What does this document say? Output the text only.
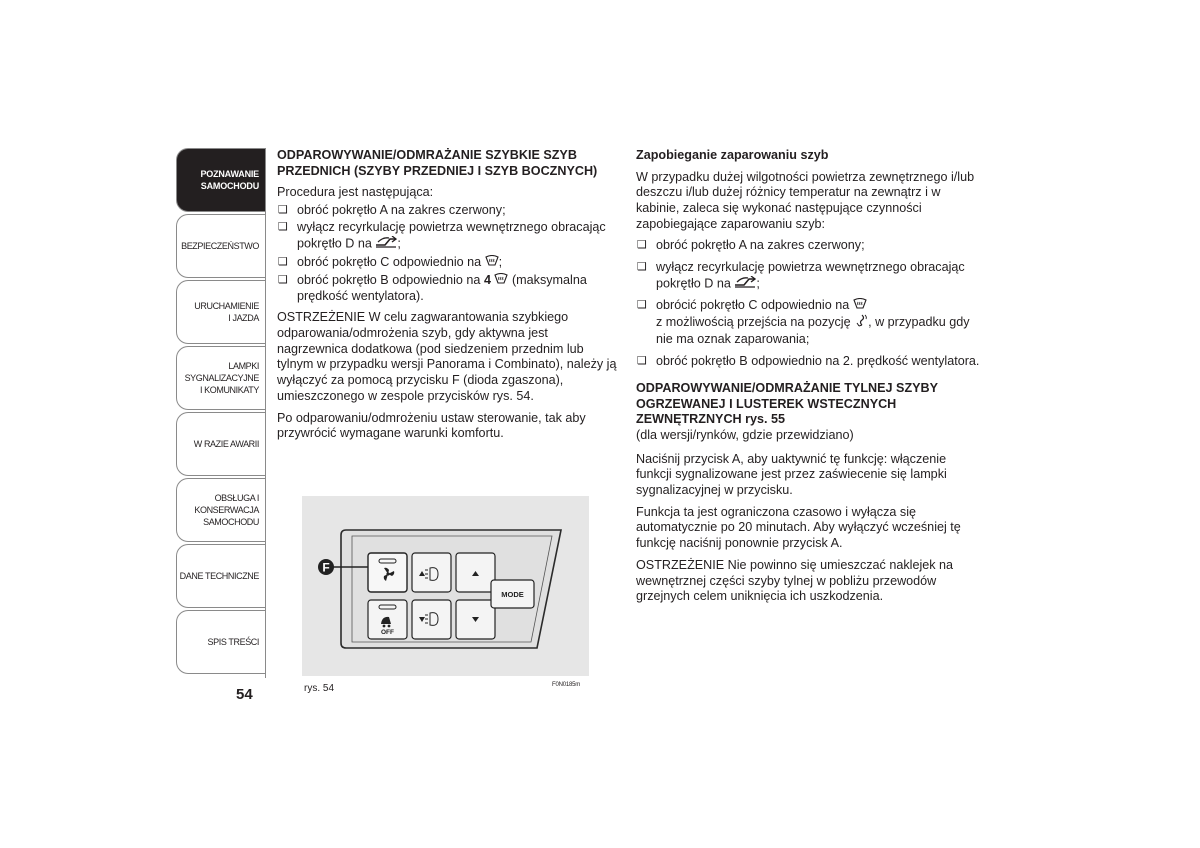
POZNAWANIE
SAMOCHODU
BEZPIECZEŃSTWO
URUCHAMIENIE
I JAZDA
LAMPKI
SYGNALIZACYJNE
I KOMUNIKATY
W RAZIE AWARII
OBSŁUGA I
KONSERWACJA
SAMOCHODU
DANE TECHNICZNE
SPIS TREŚCI
54
ODPAROWYWANIE/ODMRAŻANIE SZYBKIE SZYB PRZEDNICH (SZYBY PRZEDNIEJ I SZYB BOCZNYCH)

Procedura jest następująca:

❑ obróć pokrętło A na zakres czerwony;
❑ wyłącz recyrkulację powietrza wewnętrznego obracając pokrętło D na ;
❑ obróć pokrętło C odpowiednio na ;
❑ obróć pokrętło B odpowiednio na 4 (maksymalna prędkość wentylatora).

OSTRZEŻENIE W celu zagwarantowania szybkiego odparowania/odmrożenia szyb, gdy aktywna jest nagrzewnica dodatkowa (pod siedzeniem przednim lub tylnym w przypadku wersji Panorama i Combinato), należy ją wyłączyć za pomocą przycisku F (dioda zgaszona), umieszczonego w zespole przycisków rys. 54.

Po odparowaniu/odmrożeniu ustaw sterowanie, tak aby przywrócić wymagane warunki komfortu.

OFF
MODE
F
rys. 54	F0N0185m
Zapobieganie zaparowaniu szyb

W przypadku dużej wilgotności powietrza zewnętrznego i/lub deszczu i/lub dużej różnicy temperatur na zewnątrz i w kabinie, zaleca się wykonać następujące czynności zapobiegające zaparowaniu szyb:

❑ obróć pokrętło A na zakres czerwony;
❑ wyłącz recyrkulację powietrza wewnętrznego obracając pokrętło D na ;
❑ obrócić pokrętło C odpowiednio na
z możliwością przejścia na pozycję , w przypadku gdy nie ma oznak zaparowania;
❑ obróć pokrętło B odpowiednio na 2. prędkość wentylatora.
ODPAROWYWANIE/ODMRAŻANIE TYLNEJ SZYBY OGRZEWANEJ I LUSTEREK WSTECZNYCH ZEWNĘTRZNYCH rys. 55

(dla wersji/rynków, gdzie przewidziano)

Naciśnij przycisk A, aby uaktywnić tę funkcję: włączenie funkcji sygnalizowane jest przez zaświecenie się lampki sygnalizacyjnej w przycisku.

Funkcja ta jest ograniczona czasowo i wyłącza się automatycznie po 20 minutach. Aby wyłączyć wcześniej tę funkcję naciśnij ponownie przycisk A.

OSTRZEŻENIE Nie powinno się umieszczać naklejek na wewnętrznej części szyby tylnej w pobliżu przewodów grzejnych celem uniknięcia ich uszkodzenia.
